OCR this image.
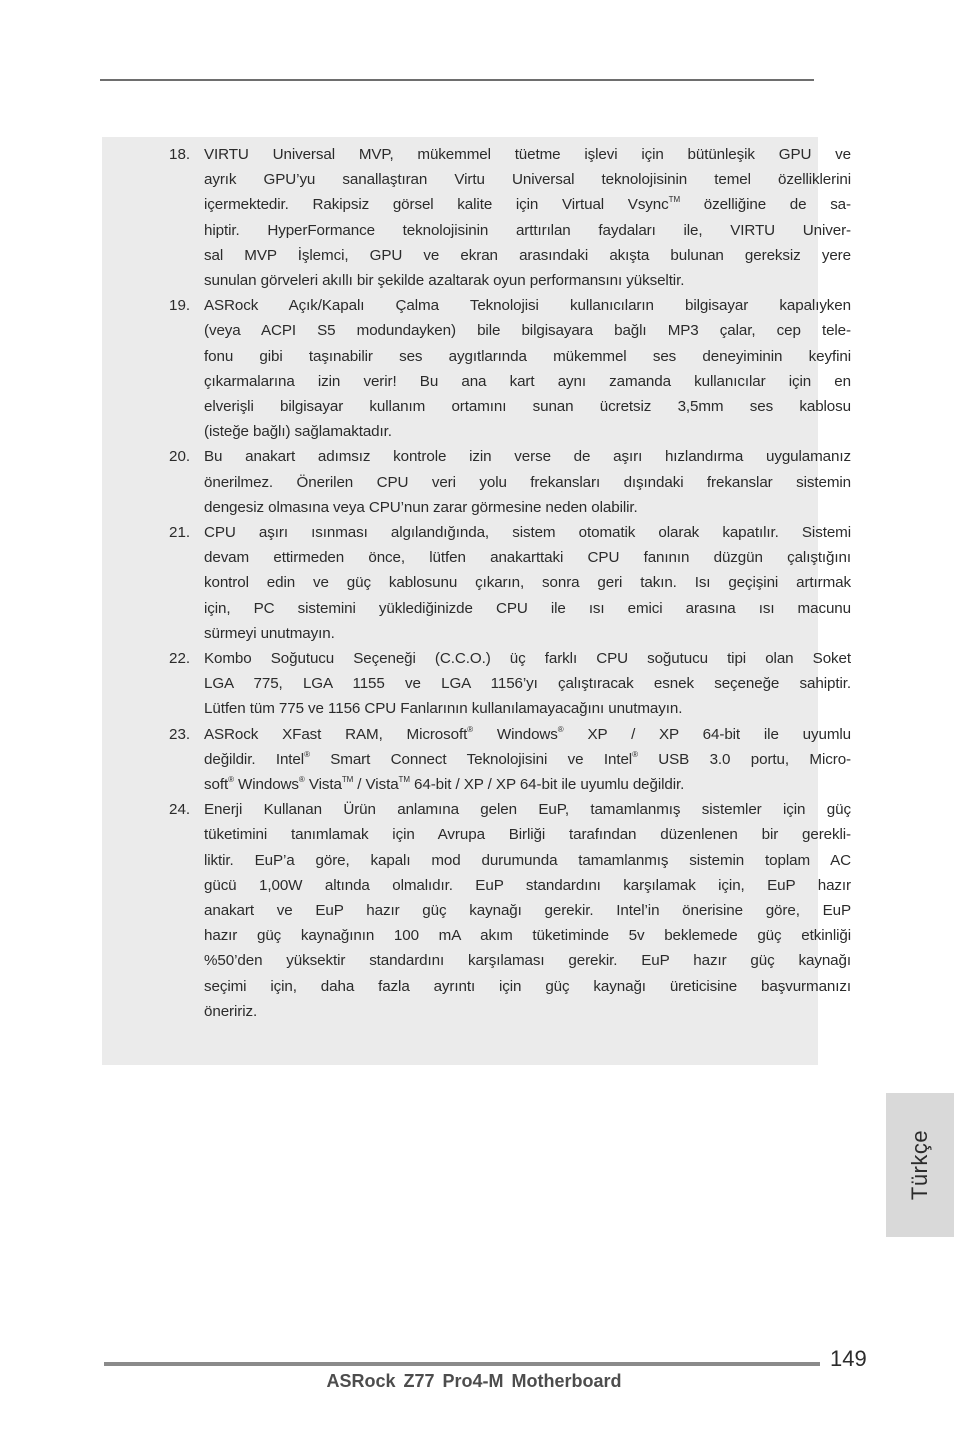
18. VIRTU Universal MVP, mükemmel tüetme işlevi için bütünleşik GPU ve
ayrık GPU’yu sanallaştıran Virtu Universal teknolojisinin temel özelliklerini
içermektedir. Rakipsiz görsel kalite için Virtual Vsync™ özelliğine de sa-
hiptir. HyperFormance teknolojisinin arttırılan faydaları ile, VIRTU Univer-
sal MVP İşlemci, GPU ve ekran arasındaki akışta bulunan gereksiz yere
sunulan görveleri akıllı bir şekilde azaltarak oyun performansını yükseltir.
19. ASRock Açık/Kapalı Çalma Teknolojisi kullanıcıların bilgisayar kapalıyken
(veya ACPI S5 modundayken) bile bilgisayara bağlı MP3 çalar, cep tele-
fonu gibi taşınabilir ses aygıtlarında mükemmel ses deneyiminin keyfini
çıkarmalarına izin verir! Bu ana kart aynı zamanda kullanıcılar için en
elverişli bilgisayar kullanım ortamını sunan ücretsiz 3,5mm ses kablosu
(isteğe bağlı) sağlamaktadır.
20. Bu anakart adımsız kontrole izin verse de aşırı hızlandırma uygulamanız
önerilmez. Önerilen CPU veri yolu frekansları dışındaki frekanslar sistemin
dengesiz olmasına veya CPU’nun zarar görmesine neden olabilir.
21. CPU aşırı ısınması algılandığında, sistem otomatik olarak kapatılır. Sistemi
devam ettirmeden önce, lütfen anakarttaki CPU fanının düzgün çalıştığını
kontrol edin ve güç kablosunu çıkarın, sonra geri takın. Isı geçişini artırmak
için, PC sistemini yüklediğinizde CPU ile ısı emici arasına ısı macunu
sürmeyi unutmayın.
22. Kombo Soğutucu Seçeneği (C.C.O.) üç farklı CPU soğutucu tipi olan Soket
LGA 775, LGA 1155 ve LGA 1156’yı çalıştıracak esnek seçeneğe sahiptir.
Lütfen tüm 775 ve 1156 CPU Fanlarının kullanılamayacağını unutmayın.
23. ASRock XFast RAM, Microsoft® Windows® XP / XP 64-bit ile uyumlu
değildir. Intel® Smart Connect Teknolojisini ve Intel® USB 3.0 portu, Micro-
soft® Windows® Vista™ / Vista™ 64-bit / XP / XP 64-bit ile uyumlu değildir.
24. Enerji Kullanan Ürün anlamına gelen EuP, tamamlanmış sistemler için güç
tüketimini tanımlamak için Avrupa Birliği tarafından düzenlenen bir gerekli-
liktir. EuP’a göre, kapalı mod durumunda tamamlanmış sistemin toplam AC
gücü 1,00W altında olmalıdır. EuP standardını karşılamak için, EuP hazır
anakart ve EuP hazır güç kaynağı gerekir. Intel’in önerisine göre, EuP
hazır güç kaynağının 100 mA akım tüketiminde 5v beklemede güç etkinliği
%50’den yüksektir standardını karşılaması gerekir. EuP hazır güç kaynağı
seçimi için, daha fazla ayrıntı için güç kaynağı üreticisine başvurmanızı
öneririz.
Türkçe
149
ASRock Z77 Pro4-M Motherboard
